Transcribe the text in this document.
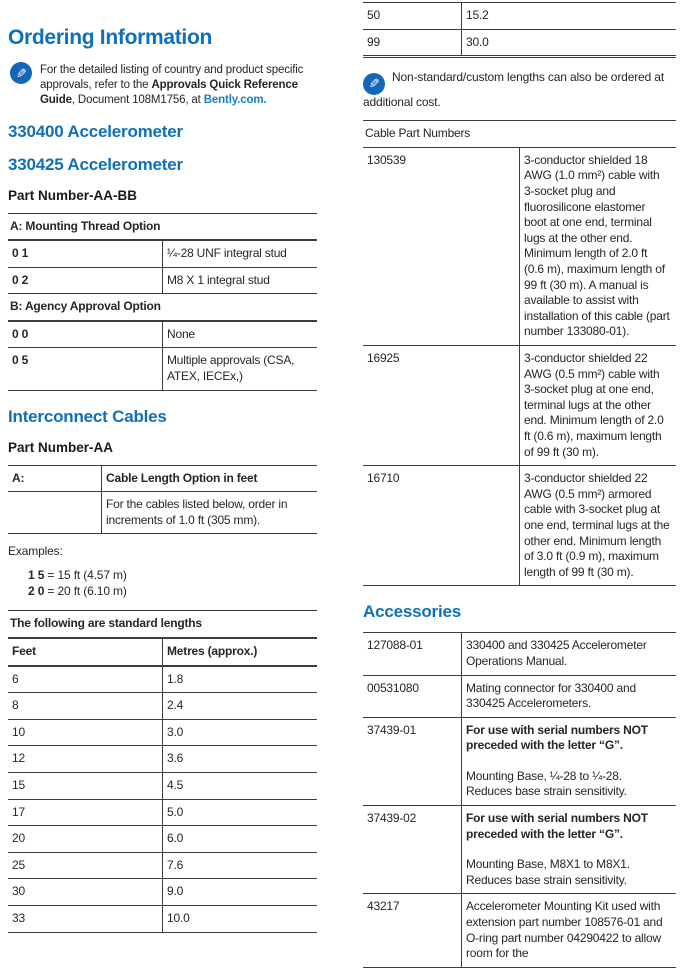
Ordering Information
✎ For the detailed listing of country and product specific approvals, refer to the Approvals Quick Reference Guide, Document 108M1756, at Bently.com.

330400 Accelerometer
330425 Accelerometer
Part Number-AA-BB
A: Mounting Thread Option	
0 1	¼-28 UNF integral stud
0 2	M8 X 1 integral stud
B: Agency Approval Option	
0 0	None
0 5	Multiple approvals (CSA, ATEX, IECEx,)
Interconnect Cables
Part Number-AA
A:	Cable Length Option in feet
	For the cables listed below, order in increments of 1.0 ft (305 mm).

Examples:

1 5 = 15 ft (4.57 m)
2 0 = 20 ft (6.10 m)
The following are standard lengths	
Feet	Metres (approx.)
6	1.8
8	2.4
10	3.0
12	3.6
15	4.5
17	5.0
20	6.0
25	7.6
30	9.0
33	10.0
50	15.2
99	30.0

✎ Non-standard/custom lengths can also be ordered at additional cost.

Cable Part Numbers	
130539	3-conductor shielded 18 AWG (1.0 mm²) cable with 3-socket plug and fluorosilicone elastomer boot at one end, terminal lugs at the other end. Minimum length of 2.0 ft (0.6 m), maximum length of 99 ft (30 m). A manual is available to assist with installation of this cable (part number 133080-01).
16925	3-conductor shielded 22 AWG (0.5 mm²) cable with 3-socket plug at one end, terminal lugs at the other end. Minimum length of 2.0 ft (0.6 m), maximum length of 99 ft (30 m).
16710	3-conductor shielded 22 AWG (0.5 mm²) armored cable with 3-socket plug at one end, terminal lugs at the other end. Minimum length of 3.0 ft (0.9 m), maximum length of 99 ft (30 m).
Accessories
127088-01	330400 and 330425 Accelerometer Operations Manual.
00531080	Mating connector for 330400 and 330425 Accelerometers.
37439-01	For use with serial numbers NOT preceded with the letter “G”.

Mounting Base, ¼-28 to ¼-28. Reduces base strain sensitivity.

37439-02	For use with serial numbers NOT preceded with the letter “G”.

Mounting Base, M8X1 to M8X1. Reduces base strain sensitivity.

43217	Accelerometer Mounting Kit used with extension part number 108576-01 and O-ring part number 04290422 to allow room for the
